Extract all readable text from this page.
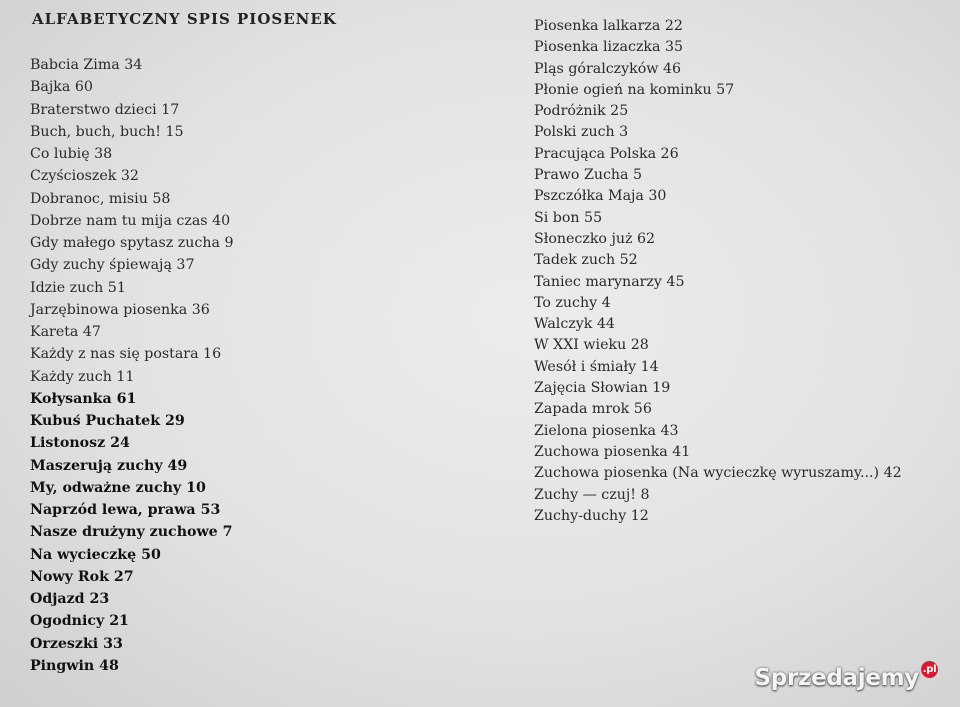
ALFABETYCZNY SPIS PIOSENEK
Babcia Zima 34
Bajka 60
Braterstwo dzieci 17
Buch, buch, buch! 15
Co lubię 38
Czyścioszek 32
Dobranoc, misiu 58
Dobrze nam tu mija czas 40
Gdy małego spytasz zucha 9
Gdy zuchy śpiewają 37
Idzie zuch 51
Jarzębinowa piosenka 36
Kareta 47
Każdy z nas się postara 16
Każdy zuch 11
Kołysanka 61
Kubuś Puchatek 29
Listonosz 24
Maszerują zuchy 49
My, odważne zuchy 10
Naprzód lewa, prawa 53
Nasze drużyny zuchowe 7
Na wycieczkę 50
Nowy Rok 27
Odjazd 23
Ogodnicy 21
Orzeszki 33
Pingwin 48
Piosenka lalkarza 22
Piosenka lizaczka 35
Pląs góralczyków 46
Płonie ogień na kominku 57
Podróżnik 25
Polski zuch 3
Pracująca Polska 26
Prawo Zucha 5
Pszczółka Maja 30
Si bon 55
Słoneczko już 62
Tadek zuch 52
Taniec marynarzy 45
To zuchy 4
Walczyk 44
W XXI wieku 28
Wesół i śmiały 14
Zajęcia Słowian 19
Zapada mrok 56
Zielona piosenka 43
Zuchowa piosenka 41
Zuchowa piosenka (Na wycieczkę wyruszamy...) 42
Zuchy — czuj! 8
Zuchy-duchy 12
Sprzedajemy .pl
